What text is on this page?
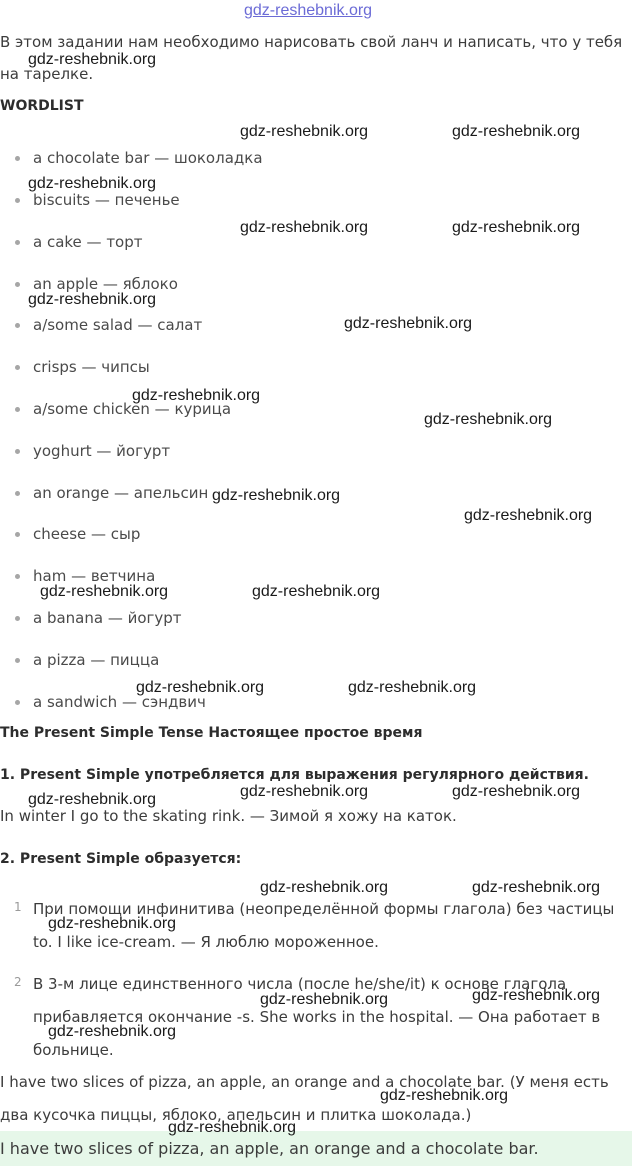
gdz-reshebnik.org
В этом задании нам необходимо нарисовать свой ланч и написать, что у тебя
на тарелке.
WORDLIST
a chocolate bar — шоколадка
biscuits — печенье
a cake — торт
an apple — яблоко
a/some salad — салат
crisps — чипсы
a/some chicken — курица
yoghurt — йогурт
an orange — апельсин
cheese — сыр
ham — ветчина
a banana — йогурт
a pizza — пицца
a sandwich — сэндвич
The Present Simple Tense Настоящее простое время
1. Present Simple употребляется для выражения регулярного действия.
In winter I go to the skating rink. — Зимой я хожу на каток.
2. Present Simple образуется:
1 При помощи инфинитива (неопределённой формы глагола) без частицы
to. I like ice-cream. — Я люблю мороженное.
2 В 3-м лице единственного числа (после he/she/it) к основе глагола
прибавляется окончание -s. She works in the hospital. — Она работает в
больнице.
I have two slices of pizza, an apple, an orange and a chocolate bar. (У меня есть
два кусочка пиццы, яблоко, апельсин и плитка шоколада.)
I have two slices of pizza, an apple, an orange and a chocolate bar.
gdz-reshebnik.org
gdz-reshebnik.org	gdz-reshebnik.org
gdz-reshebnik.org
gdz-reshebnik.org	gdz-reshebnik.org
gdz-reshebnik.org
gdz-reshebnik.org
gdz-reshebnik.org
gdz-reshebnik.org
gdz-reshebnik.org
gdz-reshebnik.org
gdz-reshebnik.org	gdz-reshebnik.org
gdz-reshebnik.org	gdz-reshebnik.org
gdz-reshebnik.org	gdz-reshebnik.org	gdz-reshebnik.org
gdz-reshebnik.org	gdz-reshebnik.org
gdz-reshebnik.org
gdz-reshebnik.org	gdz-reshebnik.org
gdz-reshebnik.org
gdz-reshebnik.org
gdz-reshebnik.org
